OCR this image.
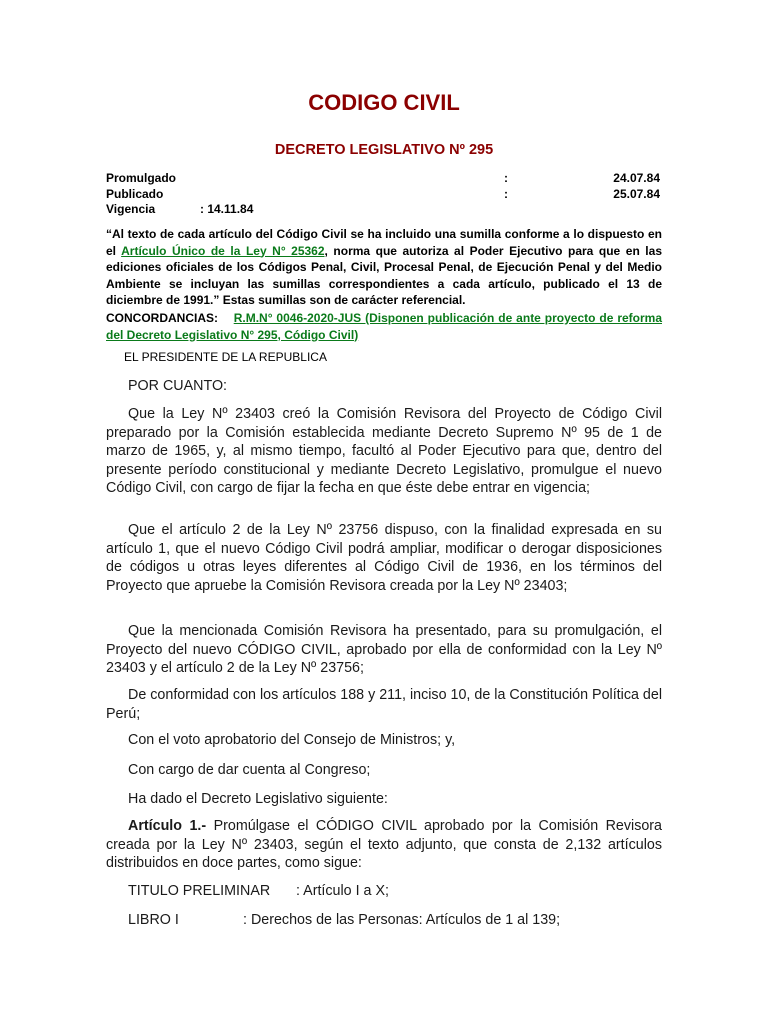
CODIGO CIVIL
DECRETO LEGISLATIVO Nº 295
Promulgado	:	24.07.84
Publicado	:	25.07.84
Vigencia	: 14.11.84
“Al texto de cada artículo del Código Civil se ha incluido una sumilla conforme a lo dispuesto en el Artículo Único de la Ley N° 25362, norma que autoriza al Poder Ejecutivo para que en las ediciones oficiales de los Códigos Penal, Civil, Procesal Penal, de Ejecución Penal y del Medio Ambiente se incluyan las sumillas correspondientes a cada artículo, publicado el 13 de diciembre de 1991.” Estas sumillas son de carácter referencial.
CONCORDANCIAS: R.M.N° 0046-2020-JUS (Disponen publicación de ante proyecto de reforma del Decreto Legislativo N° 295, Código Civil)
EL PRESIDENTE DE LA REPUBLICA
POR CUANTO:
Que la Ley Nº 23403 creó la Comisión Revisora del Proyecto de Código Civil preparado por la Comisión establecida mediante Decreto Supremo Nº 95 de 1 de marzo de 1965, y, al mismo tiempo, facultó al Poder Ejecutivo para que, dentro del presente período constitucional y mediante Decreto Legislativo, promulgue el nuevo Código Civil, con cargo de fijar la fecha en que éste debe entrar en vigencia;
Que el artículo 2 de la Ley Nº 23756 dispuso, con la finalidad expresada en su artículo 1, que el nuevo Código Civil podrá ampliar, modificar o derogar disposiciones de códigos u otras leyes diferentes al Código Civil de 1936, en los términos del Proyecto que apruebe la Comisión Revisora creada por la Ley Nº 23403;
Que la mencionada Comisión Revisora ha presentado, para su promulgación, el Proyecto del nuevo CÓDIGO CIVIL, aprobado por ella de conformidad con la Ley Nº 23403 y el artículo 2 de la Ley Nº 23756;
De conformidad con los artículos 188 y 211, inciso 10, de la Constitución Política del Perú;
Con el voto aprobatorio del Consejo de Ministros; y,
Con cargo de dar cuenta al Congreso;
Ha dado el Decreto Legislativo siguiente:
Artículo 1.- Promúlgase el CÓDIGO CIVIL aprobado por la Comisión Revisora creada por la Ley Nº 23403, según el texto adjunto, que consta de 2,132 artículos distribuidos en doce partes, como sigue:
TITULO PRELIMINAR : Artículo I a X;
LIBRO I	: Derechos de las Personas: Artículos de 1 al 139;
